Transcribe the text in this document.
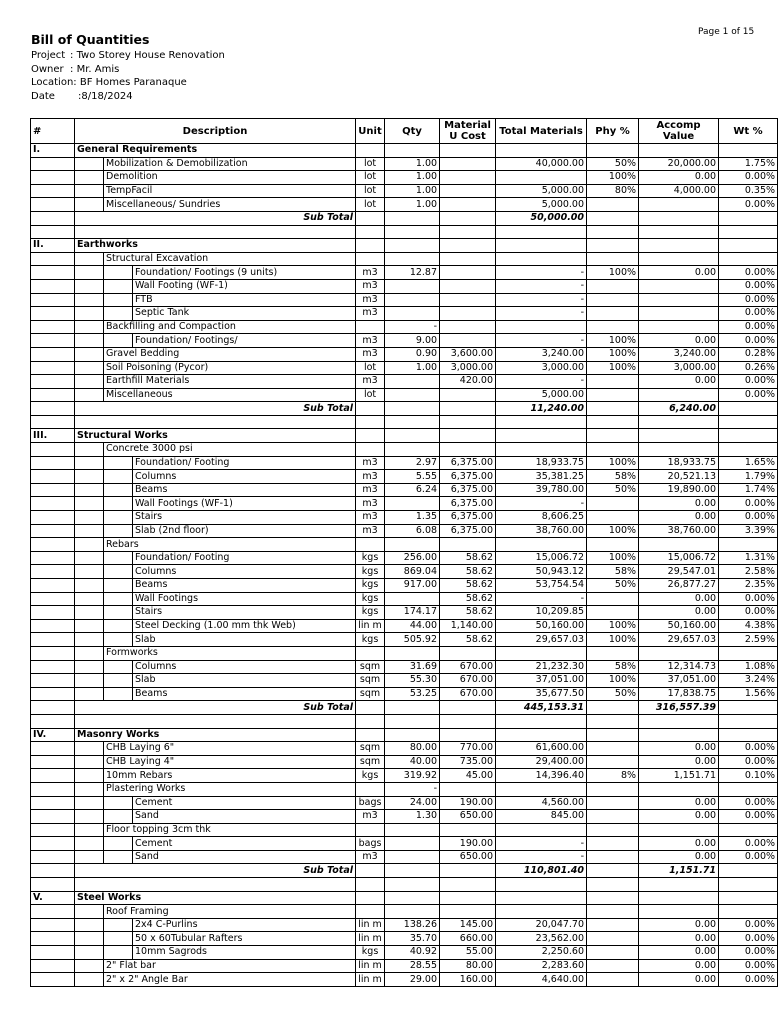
Page 1 of 15
Bill of Quantities
Project : Two Storey House Renovation
Owner : Mr. Amis
Location: BF Homes Paranaque
Date :8/18/2024
#	Description			Unit	Qty	Material U Cost	Total Materials	Phy %	Accomp Value	Wt %
I.	General Requirements									
		Mobilization & Demobilization		lot	1.00		40,000.00	50%	20,000.00	1.75%
		Demolition		lot	1.00			100%	0.00	0.00%
		TempFacil		lot	1.00		5,000.00	80%	4,000.00	0.35%
		Miscellaneous/ Sundries		lot	1.00		5,000.00			0.00%
	Sub Total						50,000.00			

II.	Earthworks									
		Structural Excavation								
			Foundation/ Footings (9 units)	m3	12.87		-	100%	0.00	0.00%
			Wall Footing (WF-1)	m3			-			0.00%
			FTB	m3			-			0.00%
			Septic Tank	m3			-			0.00%
		Backfilling and Compaction			-					0.00%
			Foundation/ Footings/	m3	9.00		-	100%	0.00	0.00%
		Gravel Bedding		m3	0.90	3,600.00	3,240.00	100%	3,240.00	0.28%
		Soil Poisoning (Pycor)		lot	1.00	3,000.00	3,000.00	100%	3,000.00	0.26%
		Earthfill Materials		m3		420.00	-		0.00	0.00%
		Miscellaneous		lot			5,000.00			0.00%
	Sub Total						11,240.00		6,240.00	

III.	Structural Works									
		Concrete 3000 psi								
			Foundation/ Footing	m3	2.97	6,375.00	18,933.75	100%	18,933.75	1.65%
			Columns	m3	5.55	6,375.00	35,381.25	58%	20,521.13	1.79%
			Beams	m3	6.24	6,375.00	39,780.00	50%	19,890.00	1.74%
			Wall Footings (WF-1)	m3		6,375.00	-		0.00	0.00%
			Stairs	m3	1.35	6,375.00	8,606.25		0.00	0.00%
			Slab (2nd floor)	m3	6.08	6,375.00	38,760.00	100%	38,760.00	3.39%
		Rebars								
			Foundation/ Footing	kgs	256.00	58.62	15,006.72	100%	15,006.72	1.31%
			Columns	kgs	869.04	58.62	50,943.12	58%	29,547.01	2.58%
			Beams	kgs	917.00	58.62	53,754.54	50%	26,877.27	2.35%
			Wall Footings	kgs		58.62	-		0.00	0.00%
			Stairs	kgs	174.17	58.62	10,209.85		0.00	0.00%
			Steel Decking (1.00 mm thk Web)	lin m	44.00	1,140.00	50,160.00	100%	50,160.00	4.38%
			Slab	kgs	505.92	58.62	29,657.03	100%	29,657.03	2.59%
		Formworks								
			Columns	sqm	31.69	670.00	21,232.30	58%	12,314.73	1.08%
			Slab	sqm	55.30	670.00	37,051.00	100%	37,051.00	3.24%
			Beams	sqm	53.25	670.00	35,677.50	50%	17,838.75	1.56%
	Sub Total						445,153.31		316,557.39	

IV.	Masonry Works									
		CHB Laying 6"		sqm	80.00	770.00	61,600.00		0.00	0.00%
		CHB Laying 4"		sqm	40.00	735.00	29,400.00		0.00	0.00%
		10mm Rebars		kgs	319.92	45.00	14,396.40	8%	1,151.71	0.10%
		Plastering Works			-					
			Cement	bags	24.00	190.00	4,560.00		0.00	0.00%
			Sand	m3	1.30	650.00	845.00		0.00	0.00%
		Floor topping 3cm thk								
			Cement	bags		190.00	-		0.00	0.00%
			Sand	m3		650.00	-		0.00	0.00%
	Sub Total						110,801.40		1,151.71	

V.	Steel Works									
		Roof Framing								
			2x4 C-Purlins	lin m	138.26	145.00	20,047.70		0.00	0.00%
			50 x 60Tubular Rafters	lin m	35.70	660.00	23,562.00		0.00	0.00%
			10mm Sagrods	kgs	40.92	55.00	2,250.60		0.00	0.00%
		2" Flat bar		lin m	28.55	80.00	2,283.60		0.00	0.00%
		2" x 2" Angle Bar		lin m	29.00	160.00	4,640.00		0.00	0.00%
